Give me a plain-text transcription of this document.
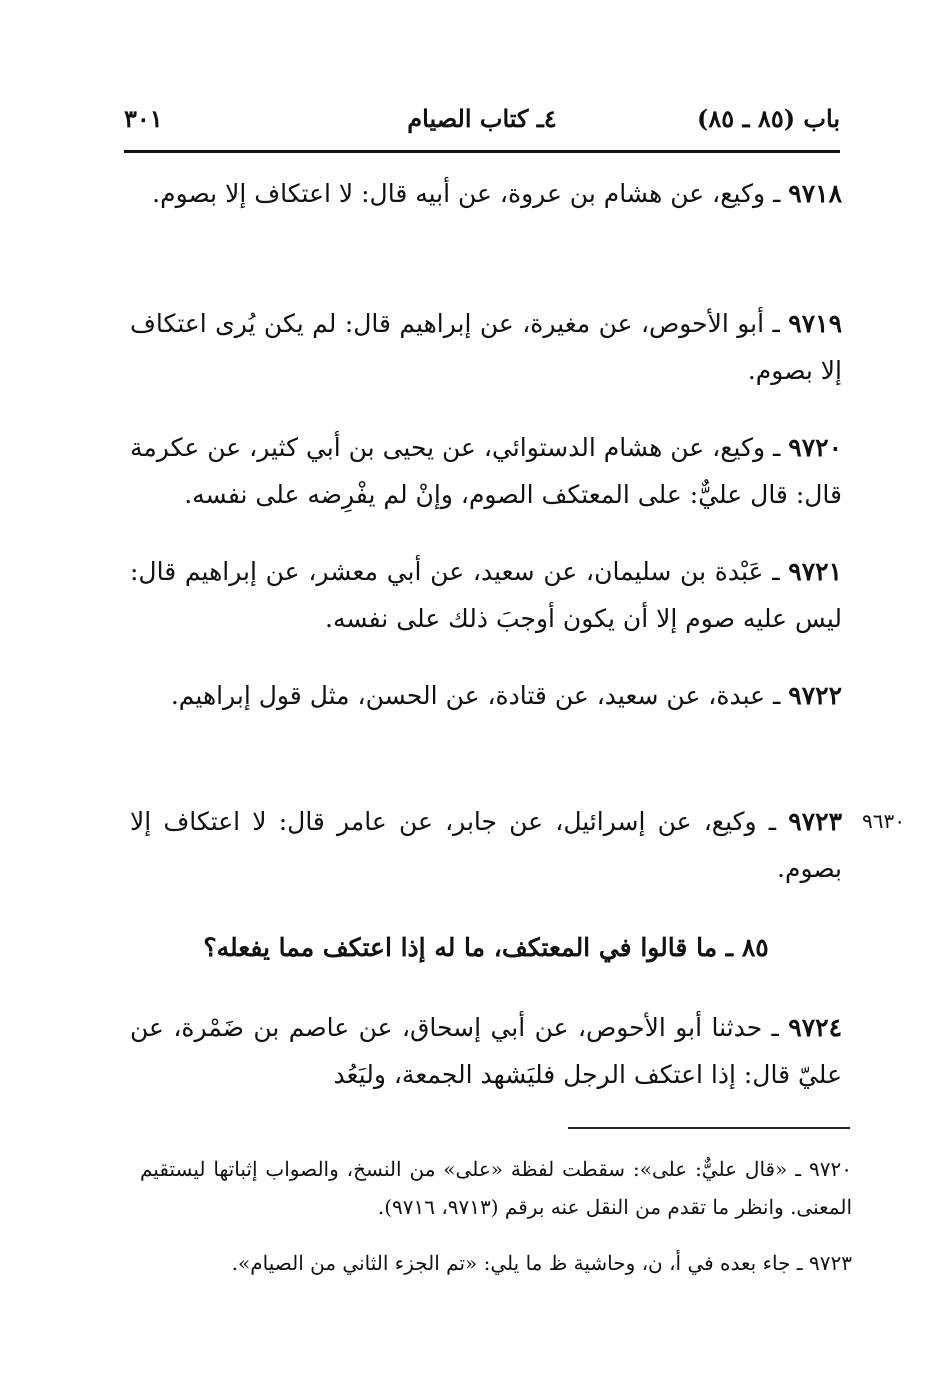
باب (٨٥ ـ ٨٥)
٤ـ كتاب الصيام
٣٠١

٩٧١٨ ـ وكيع، عن هشام بن عروة، عن أبيه قال: لا اعتكاف إلا بصوم.

٩٧١٩ ـ أبو الأحوص، عن مغيرة، عن إبراهيم قال: لم يكن يُرى اعتكاف إلا بصوم.

٩٧٢٠ ـ وكيع، عن هشام الدستوائي، عن يحيى بن أبي كثير، عن عكرمة قال: قال عليٌّ: على المعتكف الصوم، وإنْ لم يفْرِضه على نفسه.

٩٧٢١ ـ عَبْدة بن سليمان، عن سعيد، عن أبي معشر، عن إبراهيم قال: ليس عليه صوم إلا أن يكون أوجبَ ذلك على نفسه.

٩٧٢٢ ـ عبدة، عن سعيد، عن قتادة، عن الحسن، مثل قول إبراهيم.

٩٦٣٠

٩٧٢٣ ـ وكيع، عن إسرائيل، عن جابر، عن عامر قال: لا اعتكاف إلا بصوم.

٨٥ ـ ما قالوا في المعتكف، ما له إذا اعتكف مما يفعله؟

٩٧٢٤ ـ حدثنا أبو الأحوص، عن أبي إسحاق، عن عاصم بن ضَمْرة، عن عليّ قال: إذا اعتكف الرجل فليَشهد الجمعة، وليَعُد

٩٧٢٠ ـ «قال عليٌّ: على»: سقطت لفظة «على» من النسخ، والصواب إثباتها ليستقيم المعنى. وانظر ما تقدم من النقل عنه برقم (٩٧١٣، ٩٧١٦).

٩٧٢٣ ـ جاء بعده في أ، ن، وحاشية ظ ما يلي: «تم الجزء الثاني من الصيام».
